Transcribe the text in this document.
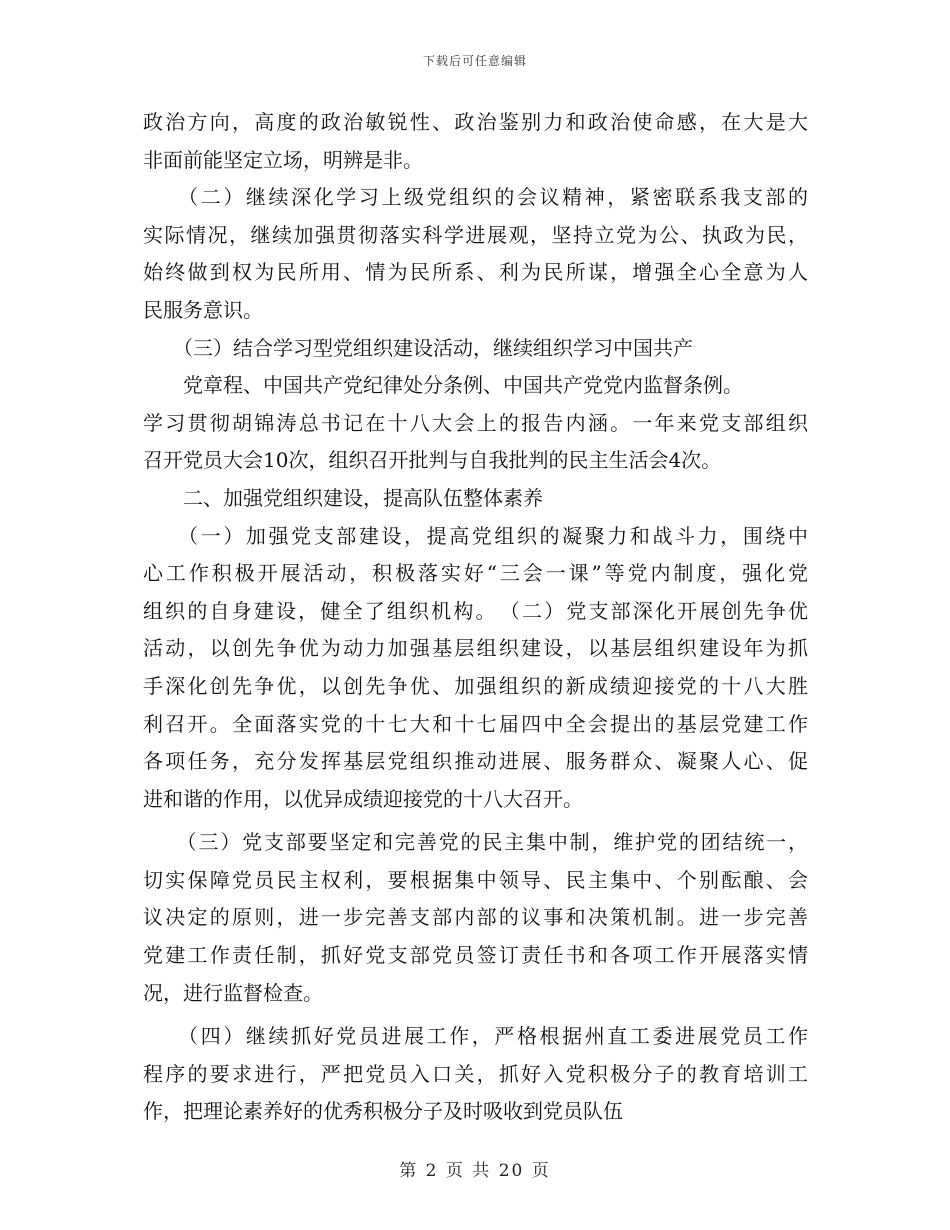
下载后可任意编辑
政治方向，高度的政治敏锐性、政治鉴别力和政治使命感，在大是大
非面前能坚定立场，明辨是非。
　　（二）继续深化学习上级党组织的会议精神，紧密联系我支部的
实际情况，继续加强贯彻落实科学进展观，坚持立党为公、执政为民，
始终做到权为民所用、情为民所系、利为民所谋，增强全心全意为人
民服务意识。
　　（三）结合学习型党组织建设活动，继续组织学习中国共产
　　党章程、中国共产党纪律处分条例、中国共产党党内监督条例。
学习贯彻胡锦涛总书记在十八大会上的报告内涵。一年来党支部组织
召开党员大会10次，组织召开批判与自我批判的民主生活会4次。
　　二、加强党组织建设，提高队伍整体素养
　　（一）加强党支部建设，提高党组织的凝聚力和战斗力，围绕中
心工作积极开展活动，积极落实好“三会一课”等党内制度，强化党
组织的自身建设，健全了组织机构。　（二）党支部深化开展创先争优
活动，以创先争优为动力加强基层组织建设，以基层组织建设年为抓
手深化创先争优，以创先争优、加强组织的新成绩迎接党的十八大胜
利召开。全面落实党的十七大和十七届四中全会提出的基层党建工作
各项任务，充分发挥基层党组织推动进展、服务群众、凝聚人心、促
进和谐的作用，以优异成绩迎接党的十八大召开。
　　（三）党支部要坚定和完善党的民主集中制，维护党的团结统一，
切实保障党员民主权利，要根据集中领导、民主集中、个别酝酿、会
议决定的原则，进一步完善支部内部的议事和决策机制。进一步完善
党建工作责任制，抓好党支部党员签订责任书和各项工作开展落实情
况，进行监督检查。
　　（四）继续抓好党员进展工作，严格根据州直工委进展党员工作
程序的要求进行，严把党员入口关，抓好入党积极分子的教育培训工
作，把理论素养好的优秀积极分子及时吸收到党员队伍
第 2 页 共 20 页
